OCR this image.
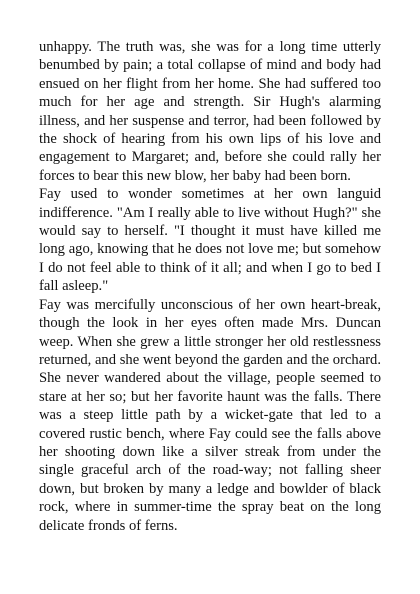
unhappy. The truth was, she was for a long time utterly benumbed by pain; a total collapse of mind and body had ensued on her flight from her home. She had suffered too much for her age and strength. Sir Hugh's alarming illness, and her suspense and terror, had been followed by the shock of hearing from his own lips of his love and engagement to Margaret; and, before she could rally her forces to bear this new blow, her baby had been born.

Fay used to wonder sometimes at her own languid indifference. "Am I really able to live without Hugh?" she would say to herself. "I thought it must have killed me long ago, knowing that he does not love me; but somehow I do not feel able to think of it all; and when I go to bed I fall asleep."

Fay was mercifully unconscious of her own heart-break, though the look in her eyes often made Mrs. Duncan weep. When she grew a little stronger her old restlessness returned, and she went beyond the garden and the orchard. She never wandered about the village, people seemed to stare at her so; but her favorite haunt was the falls. There was a steep little path by a wicket-gate that led to a covered rustic bench, where Fay could see the falls above her shooting down like a silver streak from under the single graceful arch of the road-way; not falling sheer down, but broken by many a ledge and bowlder of black rock, where in summer-time the spray beat on the long delicate fronds of ferns.
